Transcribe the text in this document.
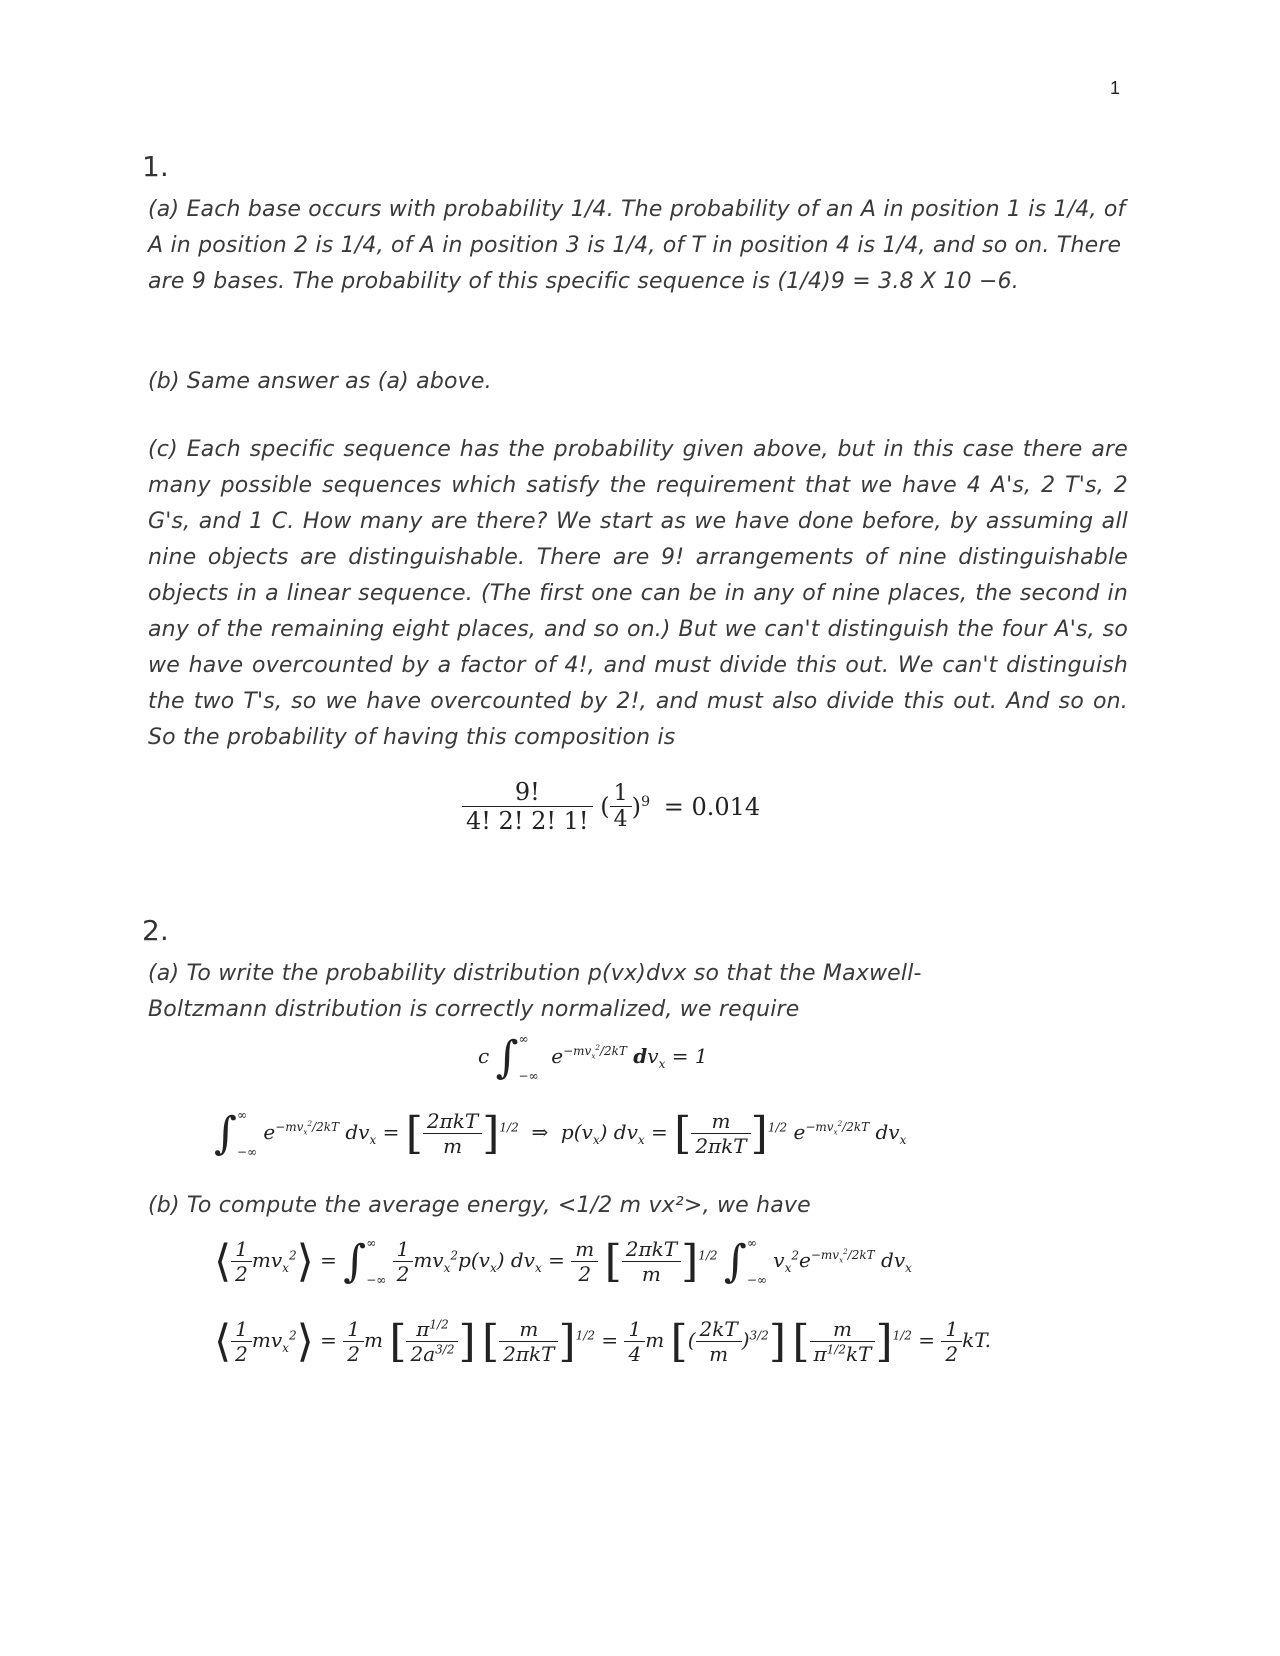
1
1.
(a) Each base occurs with probability 1/4. The probability of an A in position 1 is 1/4, of A in position 2 is 1/4, of A in position 3 is 1/4, of T in position 4 is 1/4, and so on. There are 9 bases. The probability of this specific sequence is (1/4)9 = 3.8 X 10 −6.
(b) Same answer as (a) above.
(c) Each specific sequence has the probability given above, but in this case there are many possible sequences which satisfy the requirement that we have 4 A's, 2 T's, 2 G's, and 1 C. How many are there? We start as we have done before, by assuming all nine objects are distinguishable. There are 9! arrangements of nine distinguishable objects in a linear sequence. (The first one can be in any of nine places, the second in any of the remaining eight places, and so on.) But we can't distinguish the four A's, so we have overcounted by a factor of 4!, and must divide this out. We can't distinguish the two T's, so we have overcounted by 2!, and must also divide this out. And so on. So the probability of having this composition is
$\frac{9!}{4! 2! 2! 1!}$ ( $\frac{1}{4} )^9 = 0.014$
2.
(a) To write the probability distribution p(vx)dvx so that the Maxwell-Boltzmann distribution is correctly normalized, we require
c ∫∞−∞  $e^{-mv_x^2/2kT}$ $dv_x = 1$
∫∞−∞ $e^{-mv_x^2/2kT}$ $dv_x$ = [ $\frac{\text{2πkT}}{m} ]^{1/2}$  ⇒  $p(v_x) dv_x$ = [ $\frac{m}{\text{2πkT}} ]^{1/2}$ $e^{-mv_x^2/2kT}$ $dv_x$
(b) To compute the average energy, <1/2 m vx²>, we have
⟨ $\frac{1}{2}$ $mv_x^2⟩ = \int^\infty-\infty \frac{1}{2} mv_x^2p(v_x) dv_x = \frac{m}{2}$ [ $\frac{\text{2πkT}}{m} ]^{1/2}$ ∫∞−∞ $v_x^2e^{-mv_x^2/2kT}$ $dv_x$
⟨ $\frac{1}{2}$ $mv_x^2⟩ = \frac{1}{2}$ m [ $\frac{\pi^{1/2}}{2a^{3/2}}$ ] [ $\frac{m}{\text{2πkT}} ]^{1/2} = \frac{1}{4}$ m [( $\frac{2kT}{m} )^{3/2}$] [ $\frac{m}{\pi^{1/2}kT} ]^{1/2} = \frac{1}{2}$ kT.
